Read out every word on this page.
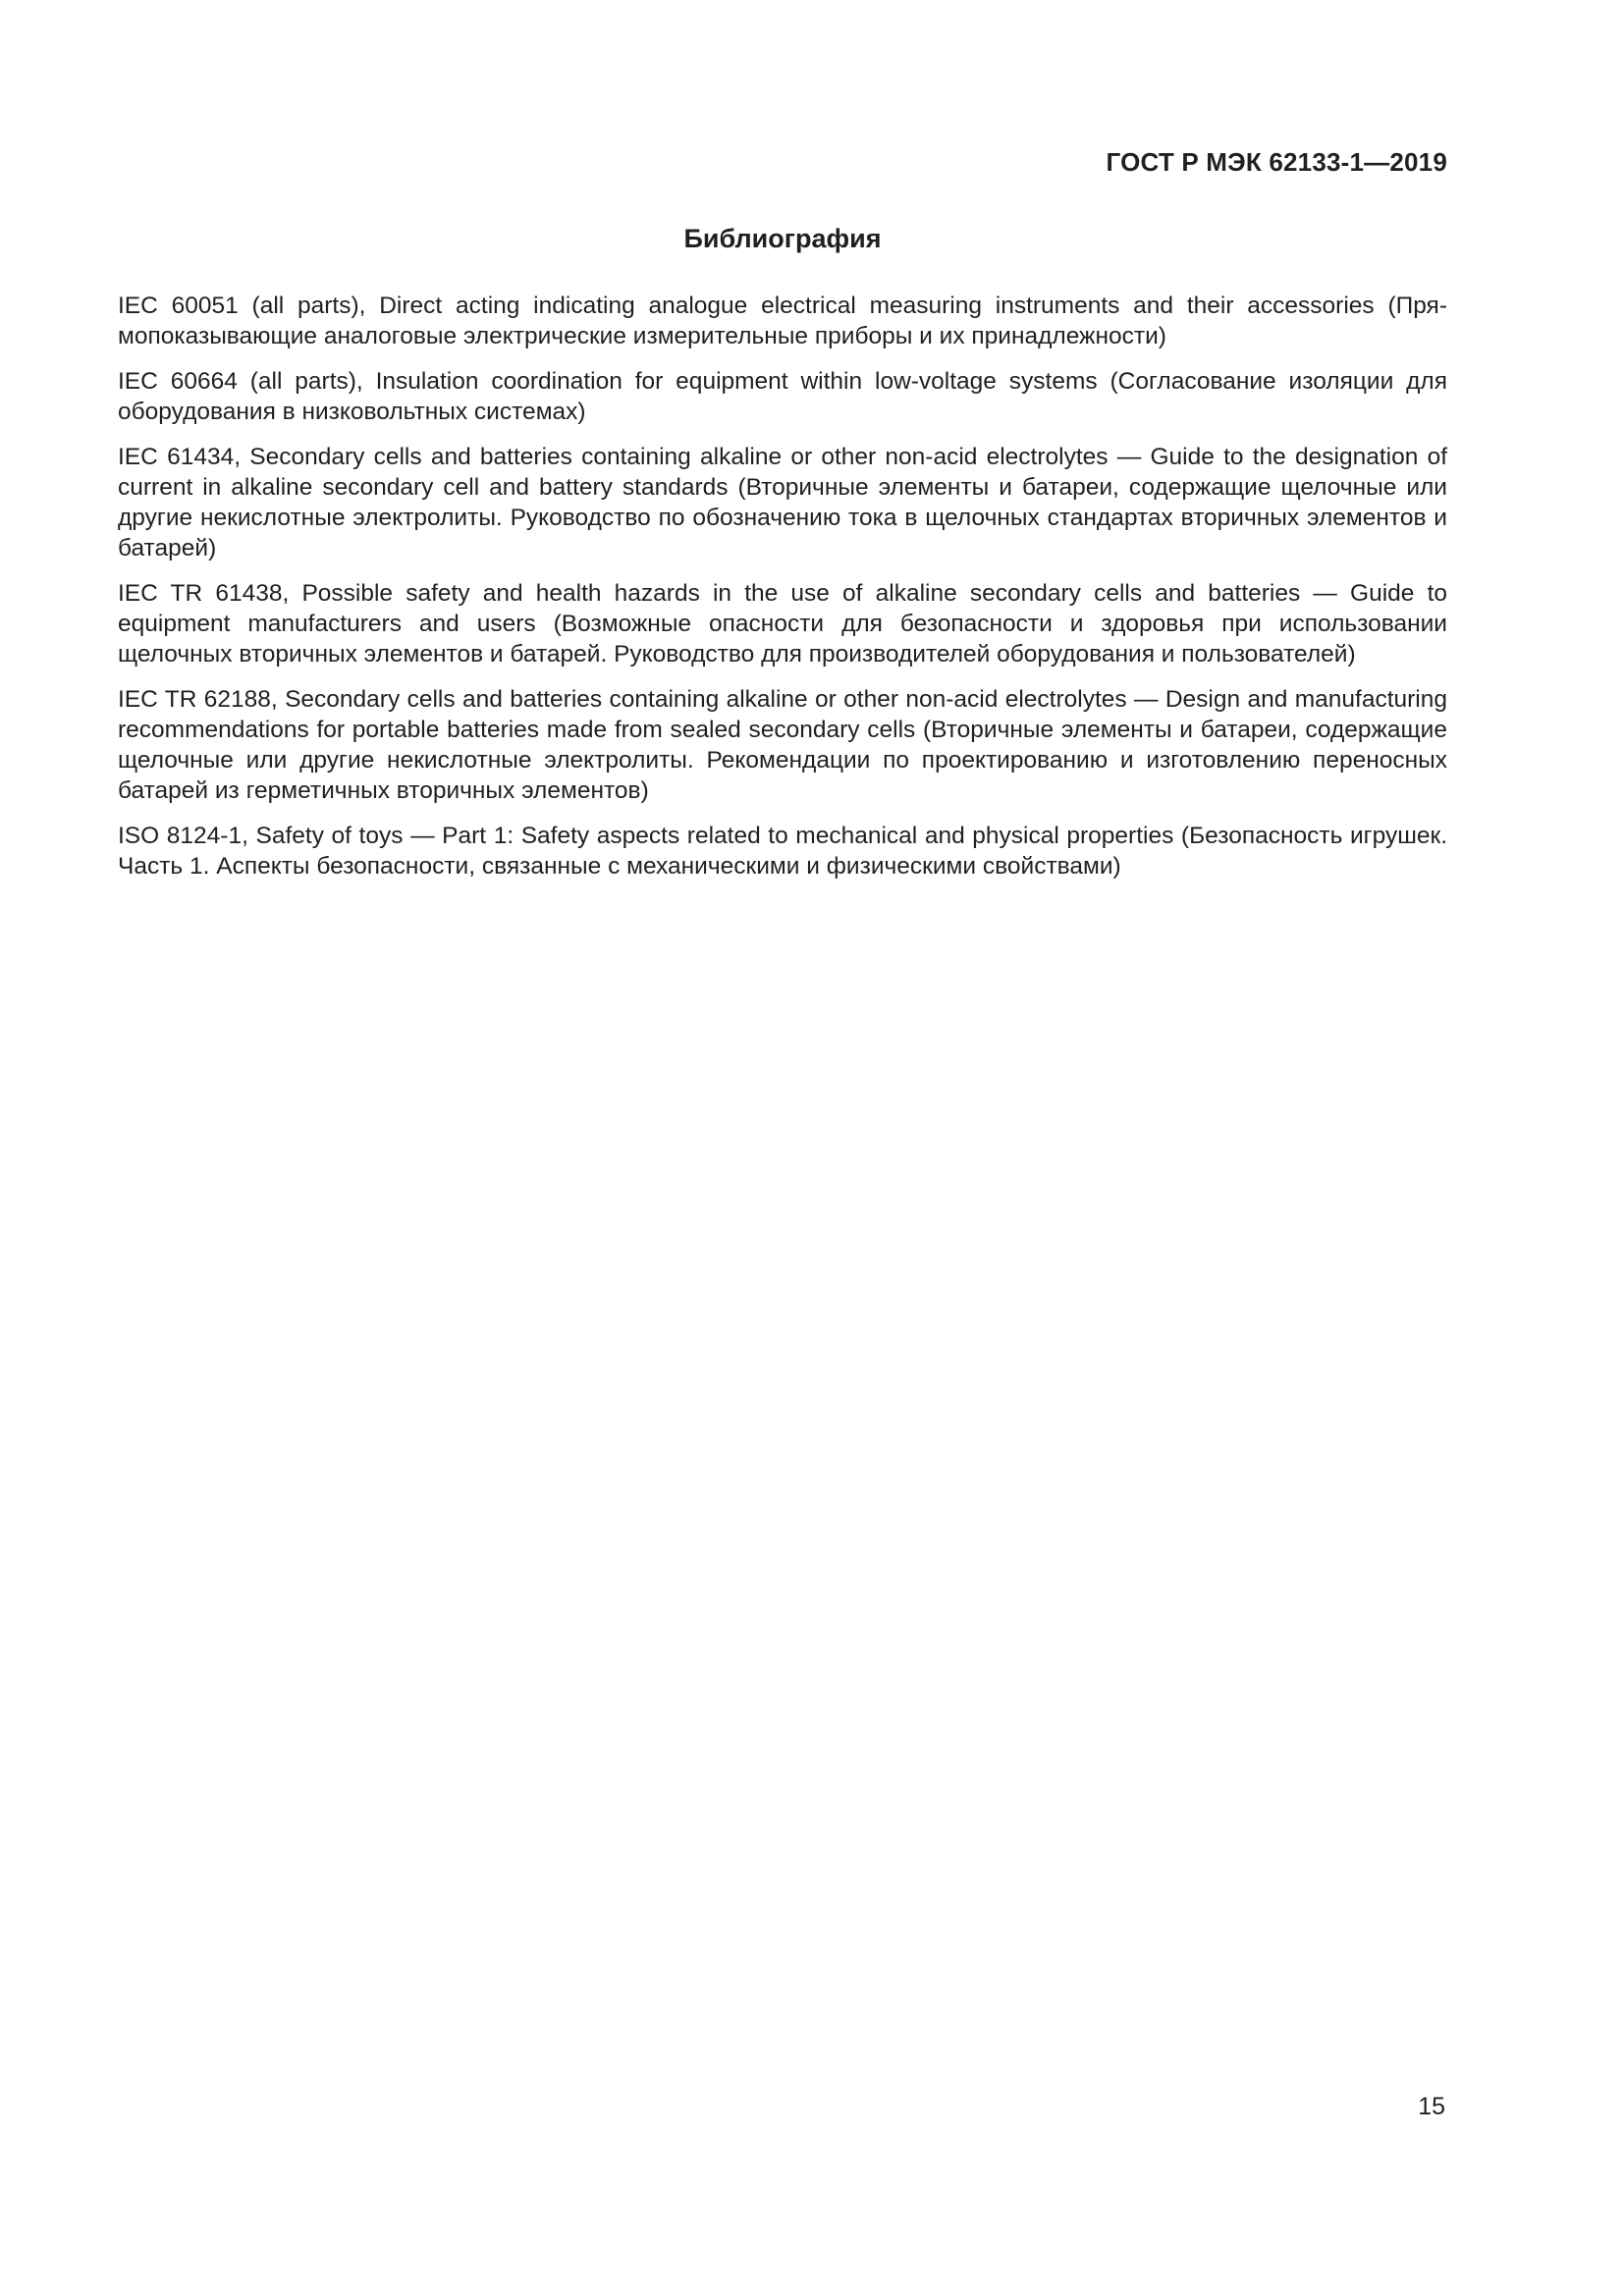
ГОСТ Р МЭК 62133-1—2019

Библиография
IEC 60051 (all parts), Direct acting indicating analogue electrical measuring instruments and their accessories (Прямопоказывающие аналоговые электрические измерительные приборы и их принадлежности)
IEC 60664 (all parts), Insulation coordination for equipment within low-voltage systems (Согласование изоляции для оборудования в низковольтных системах)
IEC 61434, Secondary cells and batteries containing alkaline or other non-acid electrolytes — Guide to the designation of current in alkaline secondary cell and battery standards (Вторичные элементы и батареи, содержащие щелочные или другие некислотные электролиты. Руководство по обозначению тока в щелочных стандартах вторичных элементов и батарей)
IEC TR 61438, Possible safety and health hazards in the use of alkaline secondary cells and batteries — Guide to equipment manufacturers and users (Возможные опасности для безопасности и здоровья при использовании щелочных вторичных элементов и батарей. Руководство для производителей оборудования и пользователей)
IEC TR 62188, Secondary cells and batteries containing alkaline or other non-acid electrolytes — Design and manufacturing recommendations for portable batteries made from sealed secondary cells (Вторичные элементы и батареи, содержащие щелочные или другие некислотные электролиты. Рекомендации по проектированию и изготовлению переносных батарей из герметичных вторичных элементов)
ISO 8124-1, Safety of toys — Part 1: Safety aspects related to mechanical and physical properties (Безопасность игрушек. Часть 1. Аспекты безопасности, связанные с механическими и физическими свойствами)

15
